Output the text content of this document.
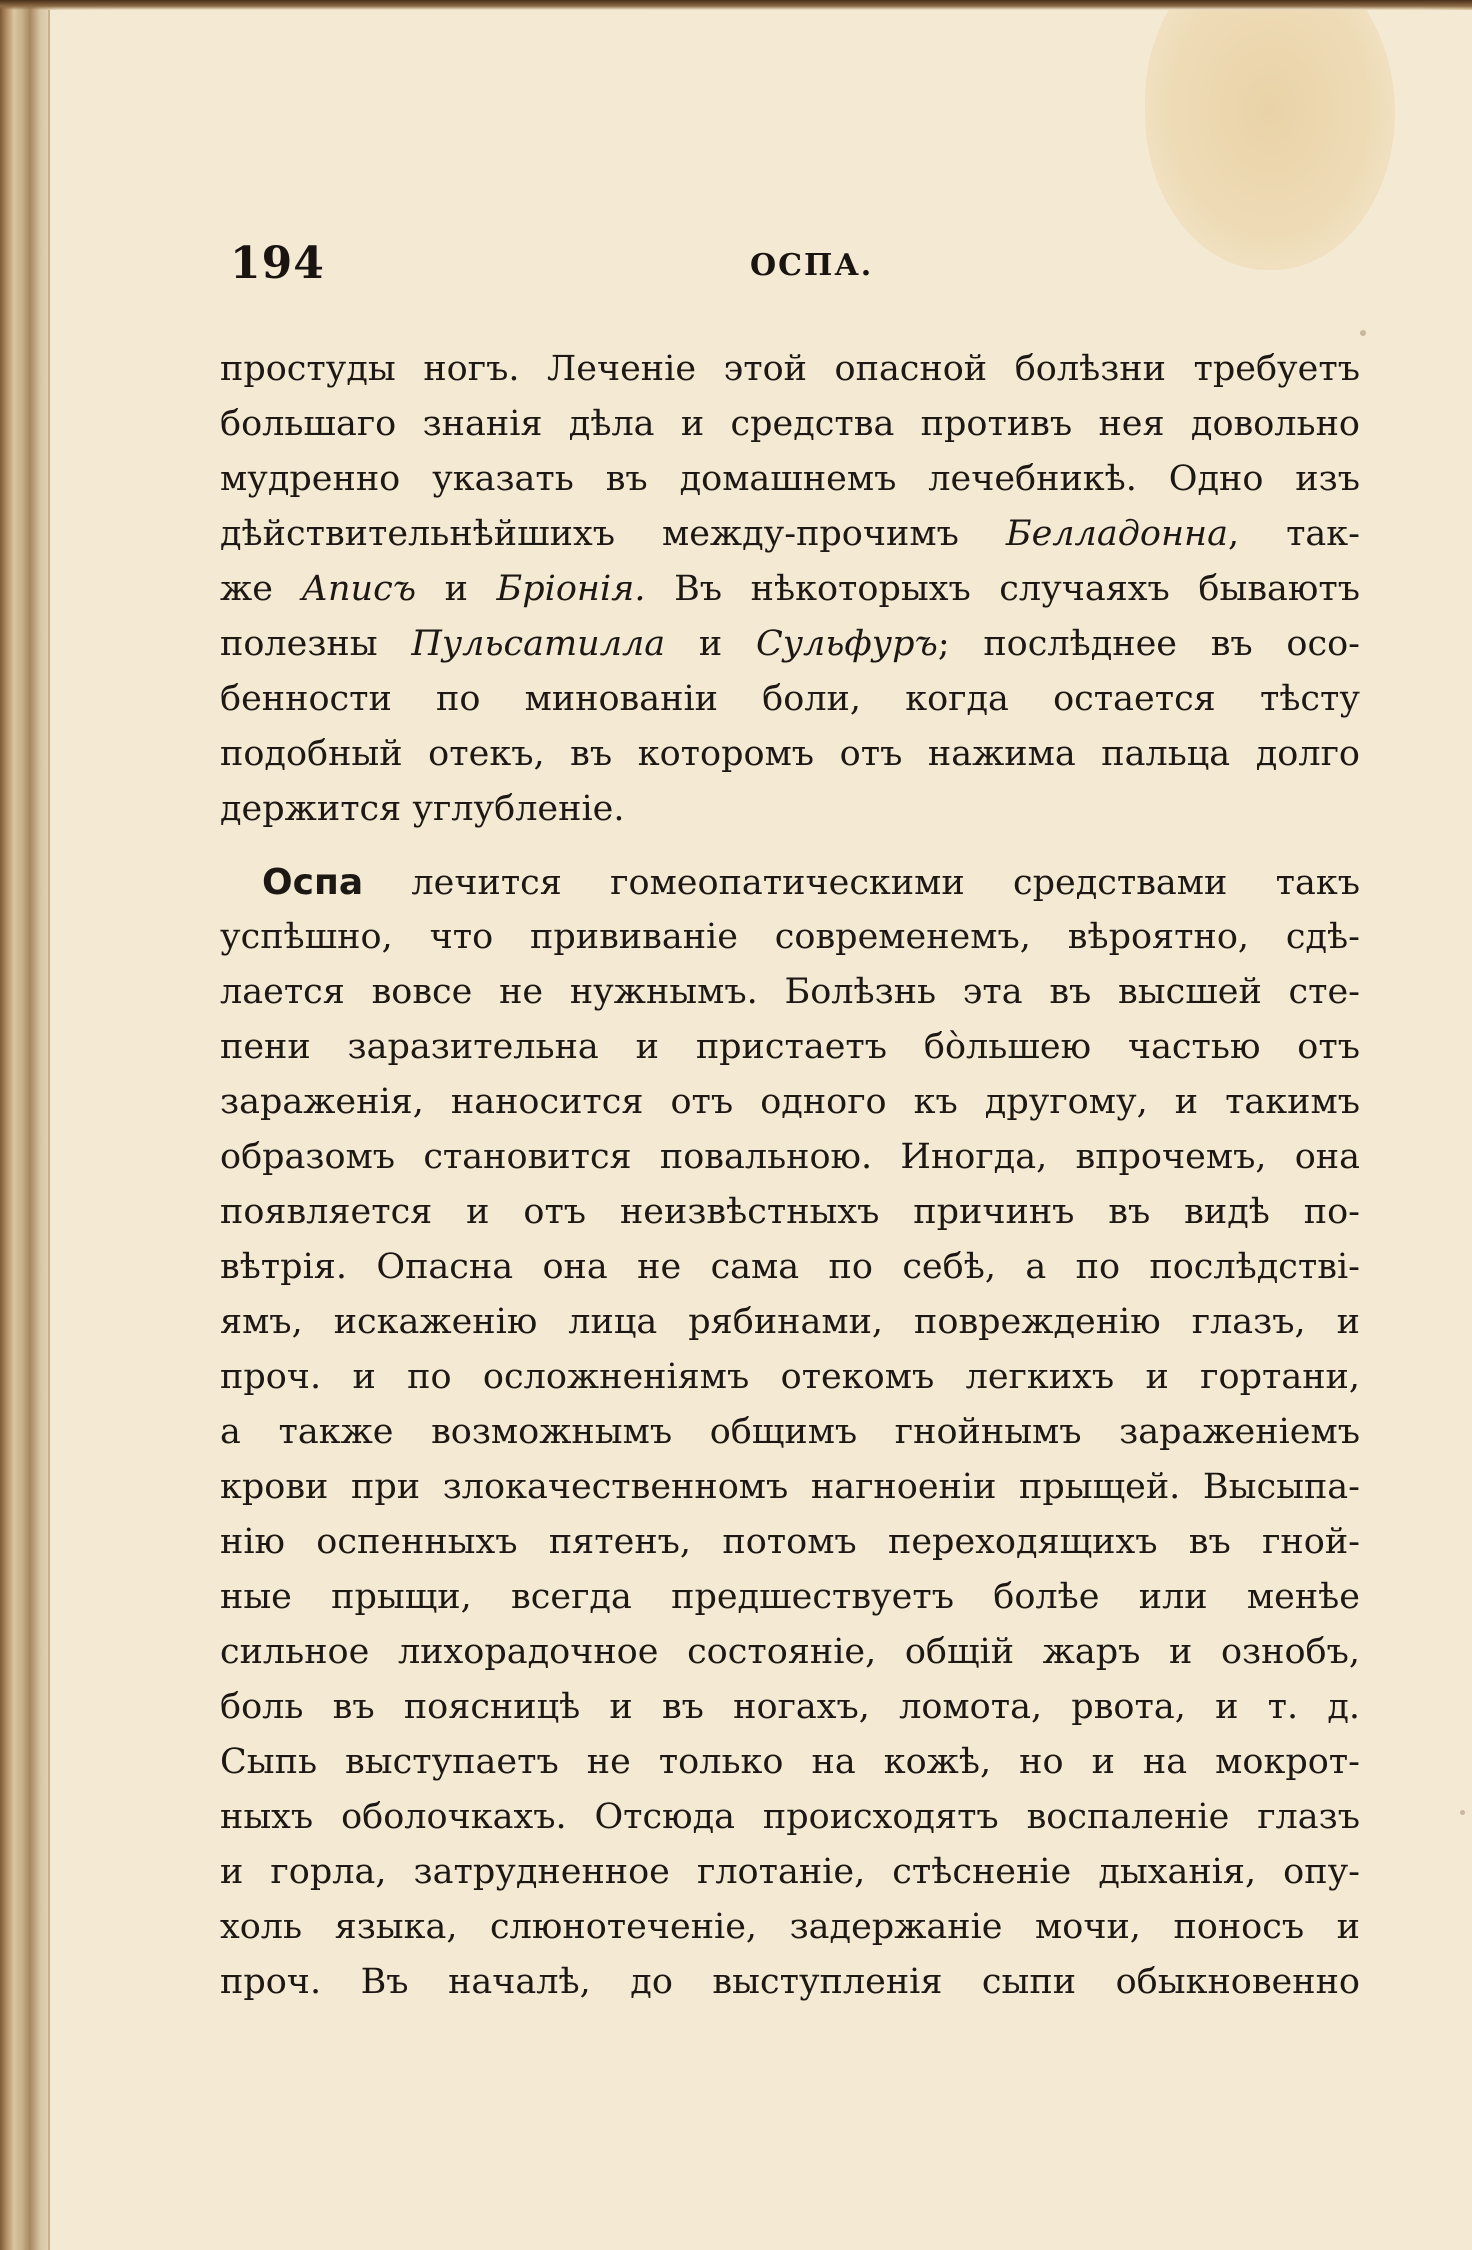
194	ОСПА.
простуды ногъ. Леченіе этой опасной болѣзни требуетъ
большаго знанія дѣла и средства противъ нея довольно
мудренно указать въ домашнемъ лечебникѣ. Одно изъ
дѣйствительнѣйшихъ между-прочимъ Белладонна, так-
же Аписъ и Бріонія. Въ нѣкоторыхъ случаяхъ бываютъ
полезны Пульсатилла и Сульфуръ; послѣднее въ осо-
бенности по минованіи боли, когда остается тѣсту
подобный отекъ, въ которомъ отъ нажима пальца долго
держится углубленіе.
Оспа лечится гомеопатическими средствами такъ
успѣшно, что прививаніе современемъ, вѣроятно, сдѣ-
лается вовсе не нужнымъ. Болѣзнь эта въ высшей сте-
пени заразительна и пристаетъ бо̀льшею частью отъ
зараженія, наносится отъ одного къ другому, и такимъ
образомъ становится повальною. Иногда, впрочемъ, она
появляется и отъ неизвѣстныхъ причинъ въ видѣ по-
вѣтрія. Опасна она не сама по себѣ, а по послѣдстві-
ямъ, искаженію лица рябинами, поврежденію глазъ, и
проч. и по осложненіямъ отекомъ легкихъ и гортани,
а также возможнымъ общимъ гнойнымъ зараженіемъ
крови при злокачественномъ нагноеніи прыщей. Высыпа-
нію оспенныхъ пятенъ, потомъ переходящихъ въ гной-
ные прыщи, всегда предшествуетъ болѣе или менѣе
сильное лихорадочное состояніе, общій жаръ и ознобъ,
боль въ поясницѣ и въ ногахъ, ломота, рвота, и т. д.
Сыпь выступаетъ не только на кожѣ, но и на мокрот-
ныхъ оболочкахъ. Отсюда происходятъ воспаленіе глазъ
и горла, затрудненное глотаніе, стѣсненіе дыханія, опу-
холь языка, слюнотеченіе, задержаніе мочи, поносъ и
проч. Въ началѣ, до выступленія сыпи обыкновенно
